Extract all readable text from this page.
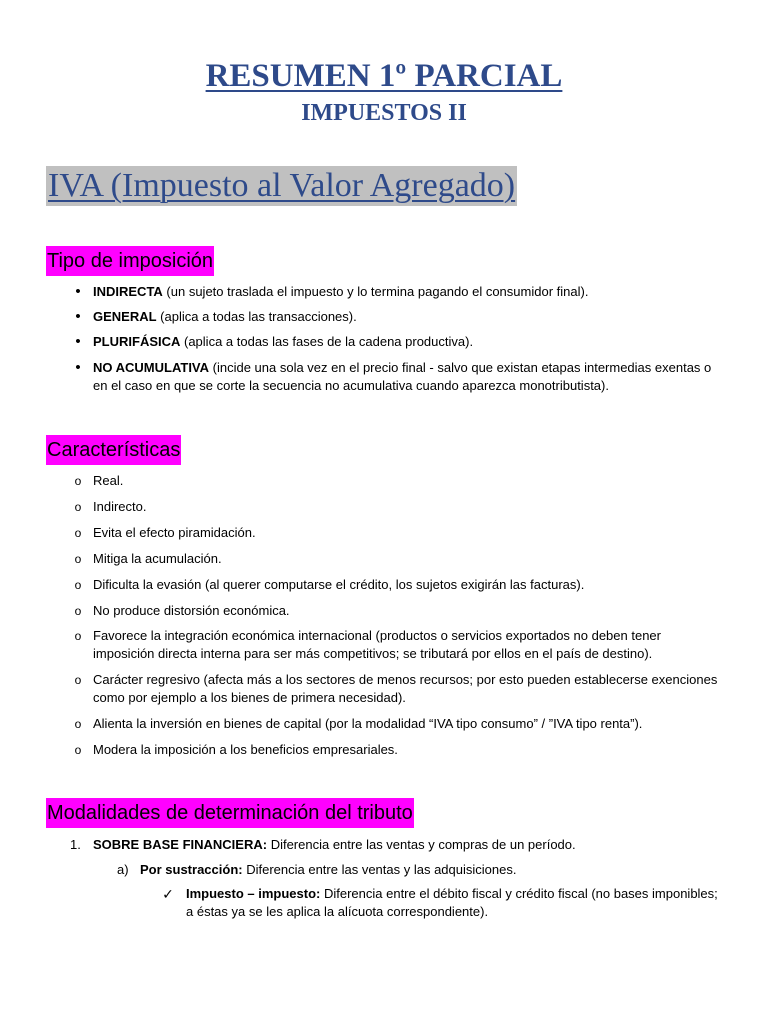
RESUMEN 1º PARCIAL
IMPUESTOS II
IVA (Impuesto al Valor Agregado)
Tipo de imposición
• INDIRECTA (un sujeto traslada el impuesto y lo termina pagando el consumidor final).
• GENERAL (aplica a todas las transacciones).
• PLURIFÁSICA (aplica a todas las fases de la cadena productiva).
• NO ACUMULATIVA (incide una sola vez en el precio final - salvo que existan etapas intermedias exentas o en el caso en que se corte la secuencia no acumulativa cuando aparezca monotributista).
Características
o Real.
o Indirecto.
o Evita el efecto piramidación.
o Mitiga la acumulación.
o Dificulta la evasión (al querer computarse el crédito, los sujetos exigirán las facturas).
o No produce distorsión económica.
o Favorece la integración económica internacional (productos o servicios exportados no deben tener imposición directa interna para ser más competitivos; se tributará por ellos en el país de destino).
o Carácter regresivo (afecta más a los sectores de menos recursos; por esto pueden establecerse exenciones como por ejemplo a los bienes de primera necesidad).
o Alienta la inversión en bienes de capital (por la modalidad “IVA tipo consumo” / ”IVA tipo renta”).
o Modera la imposición a los beneficios empresariales.
Modalidades de determinación del tributo
1. SOBRE BASE FINANCIERA: Diferencia entre las ventas y compras de un período.
a) Por sustracción: Diferencia entre las ventas y las adquisiciones.
✓ Impuesto – impuesto: Diferencia entre el débito fiscal y crédito fiscal (no bases imponibles; a éstas ya se les aplica la alícuota correspondiente).
